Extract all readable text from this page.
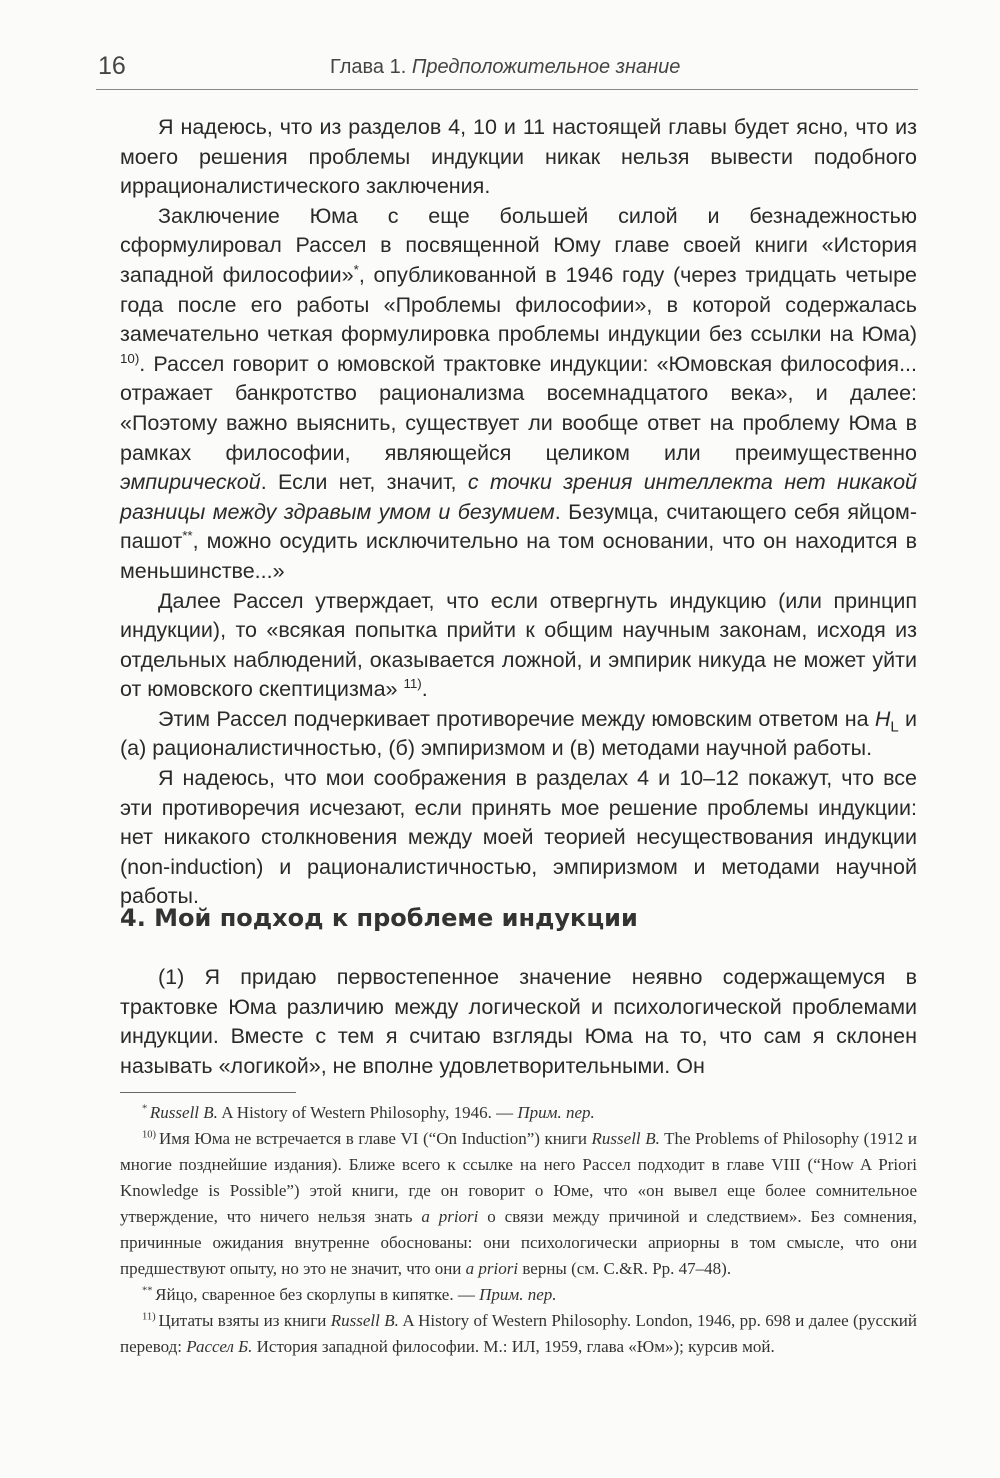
16	Глава 1. Предположительное знание

Я надеюсь, что из разделов 4, 10 и 11 настоящей главы будет ясно, что из моего решения проблемы индукции никак нельзя вывести подобного иррационалистического заключения.

Заключение Юма с еще большей силой и безнадежностью сформулировал Рассел в посвященной Юму главе своей книги «История западной философии»*, опубликованной в 1946 году (через тридцать четыре года после его работы «Проблемы философии», в которой содержалась замечательно четкая формулировка проблемы индукции без ссылки на Юма) $^{10)}$. Рассел говорит о юмовской трактовке индукции: «Юмовская философия... отражает банкротство рационализма восемнадцатого века», и далее: «Поэтому важно выяснить, существует ли вообще ответ на проблему Юма в рамках философии, являющейся целиком или преимущественно эмпирической. Если нет, значит, с точки зрения интеллекта нет никакой разницы между здравым умом и безумием. Безумца, считающего себя яйцом-пашот**, можно осудить исключительно на том основании, что он находится в меньшинстве...»

Далее Рассел утверждает, что если отвергнуть индукцию (или принцип индукции), то «всякая попытка прийти к общим научным законам, исходя из отдельных наблюдений, оказывается ложной, и эмпирик никуда не может уйти от юмовского скептицизма» $^{11)}$.

Этим Рассел подчеркивает противоречие между юмовским ответом на $H_L$ и (а) рационалистичностью, (б) эмпиризмом и (в) методами научной работы.

Я надеюсь, что мои соображения в разделах 4 и 10–12 покажут, что все эти противоречия исчезают, если принять мое решение проблемы индукции: нет никакого столкновения между моей теорией несуществования индукции (non-induction) и рационалистичностью, эмпиризмом и методами научной работы.

4. Мой подход к проблеме индукции

(1) Я придаю первостепенное значение неявно содержащемуся в трактовке Юма различию между логической и психологической проблемами индукции. Вместе с тем я считаю взгляды Юма на то, что сам я склонен называть «логикой», не вполне удовлетворительными. Он

* Russell B. A History of Western Philosophy, 1946. — Прим. пер.

$^{10)}$ Имя Юма не встречается в главе VI (“On Induction”) книги Russell B. The Problems of Philosophy (1912 и многие позднейшие издания). Ближе всего к ссылке на него Рассел подходит в главе VIII (“How A Priori Knowledge is Possible”) этой книги, где он говорит о Юме, что «он вывел еще более сомнительное утверждение, что ничего нельзя знать a priori о связи между причиной и следствием». Без сомнения, причинные ожидания внутренне обоснованы: они психологически априорны в том смысле, что они предшествуют опыту, но это не значит, что они a priori верны (см. C.&R. Pp. 47–48).

** Яйцо, сваренное без скорлупы в кипятке. — Прим. пер.

$^{11)}$ Цитаты взяты из книги Russell B. A History of Western Philosophy. London, 1946, pp. 698 и далее (русский перевод: Рассел Б. История западной философии. М.: ИЛ, 1959, глава «Юм»); курсив мой.
